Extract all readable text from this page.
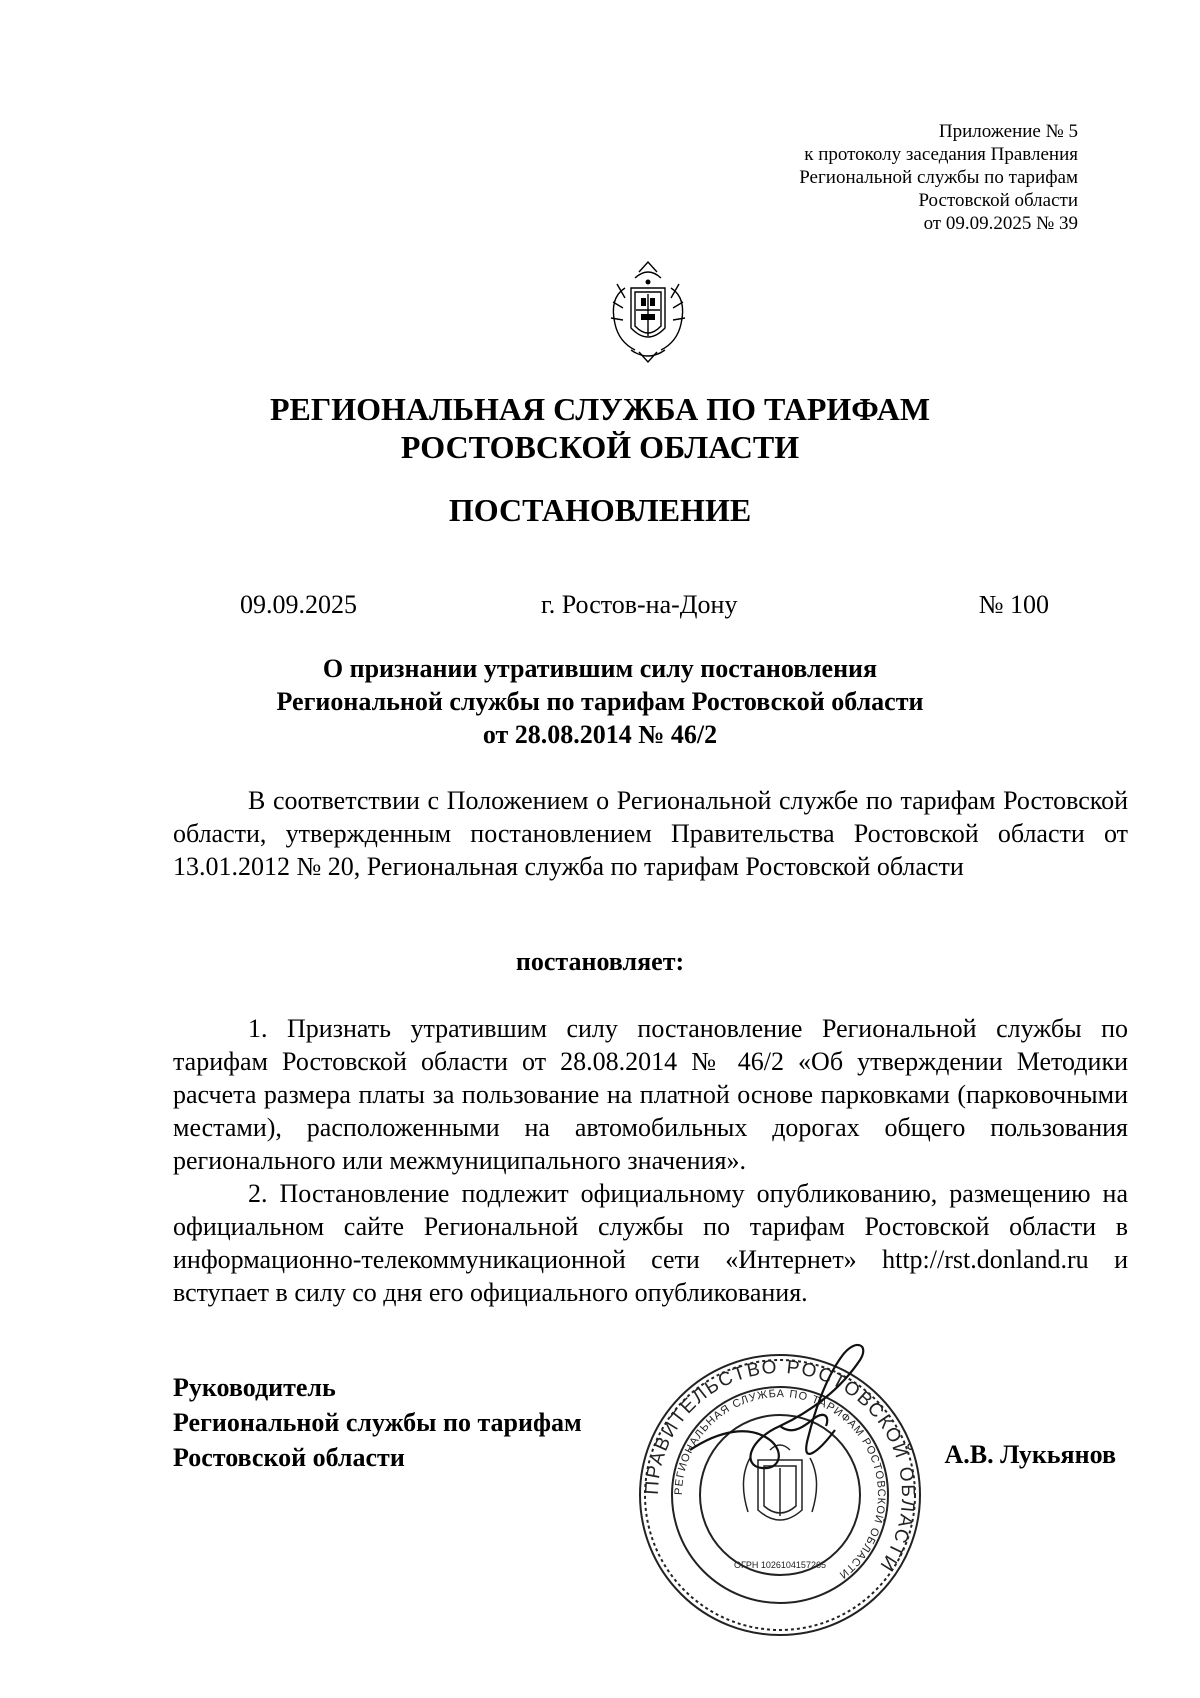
Приложение № 5
к протоколу заседания Правления
Региональной службы по тарифам
Ростовской области
от 09.09.2025 № 39
РЕГИОНАЛЬНАЯ СЛУЖБА ПО ТАРИФАМ
РОСТОВСКОЙ ОБЛАСТИ
ПОСТАНОВЛЕНИЕ
09.09.2025	г. Ростов-на-Дону	№ 100
О признании утратившим силу постановления
Региональной службы по тарифам Ростовской области
от 28.08.2014 № 46/2

В соответствии с Положением о Региональной службе по тарифам Ростовской области, утвержденным постановлением Правительства Ростовской области от 13.01.2012 № 20, Региональная служба по тарифам Ростовской области

постановляет:

1. Признать утратившим силу постановление Региональной службы по тарифам Ростовской области от 28.08.2014 № 46/2 «Об утверждении Методики расчета размера платы за пользование на платной основе парковками (парковочными местами), расположенными на автомобильных дорогах общего пользования регионального или межмуниципального значения».

2. Постановление подлежит официальному опубликованию, размещению на официальном сайте Региональной службы по тарифам Ростовской области в информационно-телекоммуникационной сети «Интернет» http://rst.donland.ru и вступает в силу со дня его официального опубликования.

Руководитель
Региональной службы по тарифам
Ростовской области	А.В. Лукьянов
ПРАВИТЕЛЬСТВО РОСТОВСКОЙ ОБЛАСТИ
РЕГИОНАЛЬНАЯ СЛУЖБА ПО ТАРИФАМ РОСТОВСКОЙ ОБЛАСТИ
ОГРН 1026104157265
